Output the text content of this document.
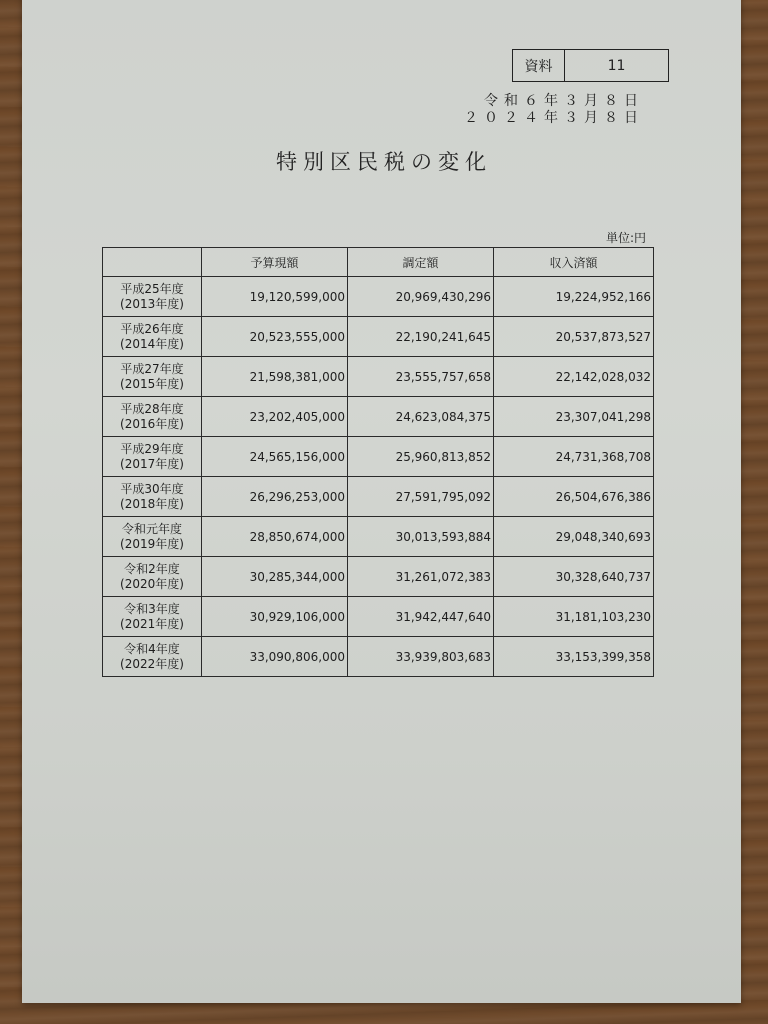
資料	11
令和６年３月８日
２０２４年３月８日
特別区民税の変化
単位:円
	予算現額	調定額	収入済額

平成25年度
(2013年度)	19,120,599,000	20,969,430,296	19,224,952,166

平成26年度
(2014年度)	20,523,555,000	22,190,241,645	20,537,873,527

平成27年度
(2015年度)	21,598,381,000	23,555,757,658	22,142,028,032

平成28年度
(2016年度)	23,202,405,000	24,623,084,375	23,307,041,298

平成29年度
(2017年度)	24,565,156,000	25,960,813,852	24,731,368,708

平成30年度
(2018年度)	26,296,253,000	27,591,795,092	26,504,676,386

令和元年度
(2019年度)	28,850,674,000	30,013,593,884	29,048,340,693

令和2年度
(2020年度)	30,285,344,000	31,261,072,383	30,328,640,737

令和3年度
(2021年度)	30,929,106,000	31,942,447,640	31,181,103,230

令和4年度
(2022年度)	33,090,806,000	33,939,803,683	33,153,399,358
